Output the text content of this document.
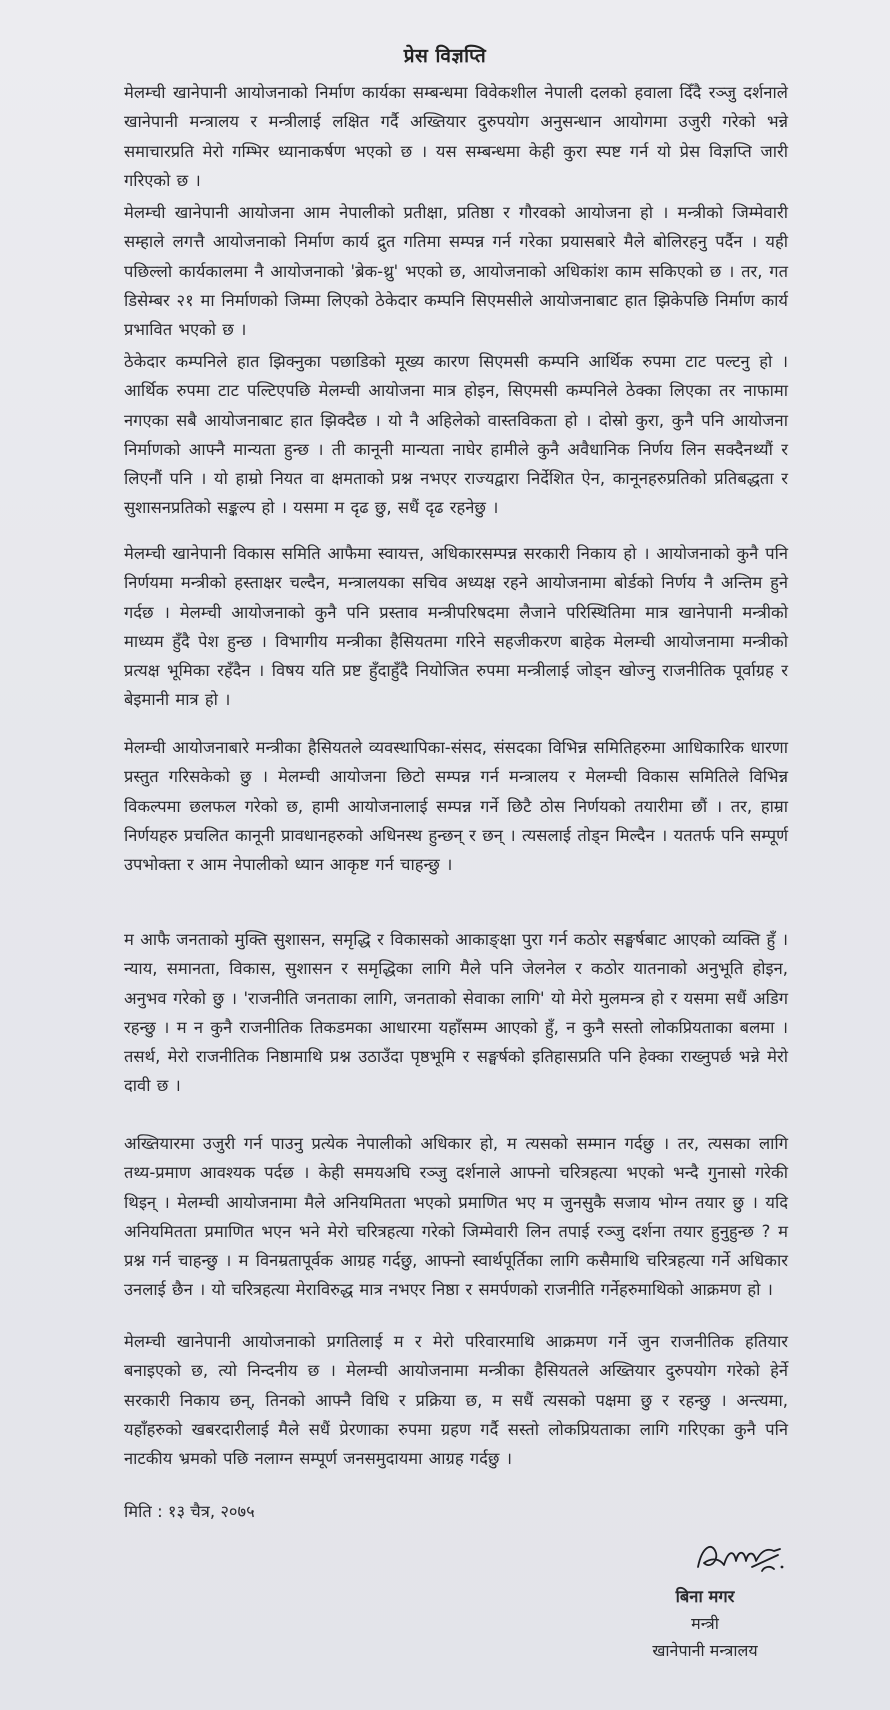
प्रेस विज्ञप्ति

मेलम्ची खानेपानी आयोजनाको निर्माण कार्यका सम्बन्धमा विवेकशील नेपाली दलको हवाला दिँदै रञ्जु दर्शनाले खानेपानी मन्त्रालय र मन्त्रीलाई लक्षित गर्दै अख्तियार दुरुपयोग अनुसन्धान आयोगमा उजुरी गरेको भन्ने समाचारप्रति मेरो गम्भिर ध्यानाकर्षण भएको छ । यस सम्बन्धमा केही कुरा स्पष्ट गर्न यो प्रेस विज्ञप्ति जारी गरिएको छ ।

मेलम्ची खानेपानी आयोजना आम नेपालीको प्रतीक्षा, प्रतिष्ठा र गौरवको आयोजना हो । मन्त्रीको जिम्मेवारी सम्हाले लगत्तै आयोजनाको निर्माण कार्य द्रुत गतिमा सम्पन्न गर्न गरेका प्रयासबारे मैले बोलिरहनु पर्दैन । यही पछिल्लो कार्यकालमा नै आयोजनाको 'ब्रेक-थ्रु' भएको छ, आयोजनाको अधिकांश काम सकिएको छ । तर, गत डिसेम्बर २१ मा निर्माणको जिम्मा लिएको ठेकेदार कम्पनि सिएमसीले आयोजनाबाट हात झिकेपछि निर्माण कार्य प्रभावित भएको छ ।

ठेकेदार कम्पनिले हात झिक्नुका पछाडिको मूख्य कारण सिएमसी कम्पनि आर्थिक रुपमा टाट पल्टनु हो । आर्थिक रुपमा टाट पल्टिएपछि मेलम्ची आयोजना मात्र होइन, सिएमसी कम्पनिले ठेक्का लिएका तर नाफामा नगएका सबै आयोजनाबाट हात झिक्दैछ । यो नै अहिलेको वास्तविकता हो । दोस्रो कुरा, कुनै पनि आयोजना निर्माणको आफ्नै मान्यता हुन्छ । ती कानूनी मान्यता नाघेर हामीले कुनै अवैधानिक निर्णय लिन सक्दैनथ्यौं र लिएनौं पनि । यो हाम्रो नियत वा क्षमताको प्रश्न नभएर राज्यद्वारा निर्देशित ऐन, कानूनहरुप्रतिको प्रतिबद्धता र सुशासनप्रतिको सङ्कल्प हो । यसमा म दृढ छु, सधैं दृढ रहनेछु ।

मेलम्ची खानेपानी विकास समिति आफैमा स्वायत्त, अधिकारसम्पन्न सरकारी निकाय हो । आयोजनाको कुनै पनि निर्णयमा मन्त्रीको हस्ताक्षर चल्दैन, मन्त्रालयका सचिव अध्यक्ष रहने आयोजनामा बोर्डको निर्णय नै अन्तिम हुने गर्दछ । मेलम्ची आयोजनाको कुनै पनि प्रस्ताव मन्त्रीपरिषदमा लैजाने परिस्थितिमा मात्र खानेपानी मन्त्रीको माध्यम हुँदै पेश हुन्छ । विभागीय मन्त्रीका हैसियतमा गरिने सहजीकरण बाहेक मेलम्ची आयोजनामा मन्त्रीको प्रत्यक्ष भूमिका रहँदैन । विषय यति प्रष्ट हुँदाहुँदै नियोजित रुपमा मन्त्रीलाई जोड्न खोज्नु राजनीतिक पूर्वाग्रह र बेइमानी मात्र हो ।

मेलम्ची आयोजनाबारे मन्त्रीका हैसियतले व्यवस्थापिका-संसद, संसदका विभिन्न समितिहरुमा आधिकारिक धारणा प्रस्तुत गरिसकेको छु । मेलम्ची आयोजना छिटो सम्पन्न गर्न मन्त्रालय र मेलम्ची विकास समितिले विभिन्न विकल्पमा छलफल गरेको छ, हामी आयोजनालाई सम्पन्न गर्ने छिटै ठोस निर्णयको तयारीमा छौं । तर, हाम्रा निर्णयहरु प्रचलित कानूनी प्रावधानहरुको अधिनस्थ हुन्छन् र छन् । त्यसलाई तोड्न मिल्दैन । यततर्फ पनि सम्पूर्ण उपभोक्ता र आम नेपालीको ध्यान आकृष्ट गर्न चाहन्छु ।

म आफै जनताको मुक्ति सुशासन, समृद्धि र विकासको आकाङ्क्षा पुरा गर्न कठोर सङ्घर्षबाट आएको व्यक्ति हुँ । न्याय, समानता, विकास, सुशासन र समृद्धिका लागि मैले पनि जेलनेल र कठोर यातनाको अनुभूति होइन, अनुभव गरेको छु । 'राजनीति जनताका लागि, जनताको सेवाका लागि' यो मेरो मुलमन्त्र हो र यसमा सधैं अडिग रहन्छु । म न कुनै राजनीतिक तिकडमका आधारमा यहाँसम्म आएको हुँ, न कुनै सस्तो लोकप्रियताका बलमा । तसर्थ, मेरो राजनीतिक निष्ठामाथि प्रश्न उठाउँदा पृष्ठभूमि र सङ्घर्षको इतिहासप्रति पनि हेक्का राख्नुपर्छ भन्ने मेरो दावी छ ।

अख्तियारमा उजुरी गर्न पाउनु प्रत्येक नेपालीको अधिकार हो, म त्यसको सम्मान गर्दछु । तर, त्यसका लागि तथ्य-प्रमाण आवश्यक पर्दछ । केही समयअघि रञ्जु दर्शनाले आफ्नो चरित्रहत्या भएको भन्दै गुनासो गरेकी थिइन् । मेलम्ची आयोजनामा मैले अनियमितता भएको प्रमाणित भए म जुनसुकै सजाय भोग्न तयार छु । यदि अनियमितता प्रमाणित भएन भने मेरो चरित्रहत्या गरेको जिम्मेवारी लिन तपाई रञ्जु दर्शना तयार हुनुहुन्छ ? म प्रश्न गर्न चाहन्छु । म विनम्रतापूर्वक आग्रह गर्दछु, आफ्नो स्वार्थपूर्तिका लागि कसैमाथि चरित्रहत्या गर्ने अधिकार उनलाई छैन । यो चरित्रहत्या मेराविरुद्ध मात्र नभएर निष्ठा र समर्पणको राजनीति गर्नेहरुमाथिको आक्रमण हो ।

मेलम्ची खानेपानी आयोजनाको प्रगतिलाई म र मेरो परिवारमाथि आक्रमण गर्ने जुन राजनीतिक हतियार बनाइएको छ, त्यो निन्दनीय छ । मेलम्ची आयोजनामा मन्त्रीका हैसियतले अख्तियार दुरुपयोग गरेको हेर्ने सरकारी निकाय छन्, तिनको आफ्नै विधि र प्रक्रिया छ, म सधैं त्यसको पक्षमा छु र रहन्छु । अन्त्यमा, यहाँहरुको खबरदारीलाई मैले सधैं प्रेरणाका रुपमा ग्रहण गर्दै सस्तो लोकप्रियताका लागि गरिएका कुनै पनि नाटकीय भ्रमको पछि नलाग्न सम्पूर्ण जनसमुदायमा आग्रह गर्दछु ।

मिति : १३ चैत्र, २०७५
बिना मगर
मन्त्री
खानेपानी मन्त्रालय
